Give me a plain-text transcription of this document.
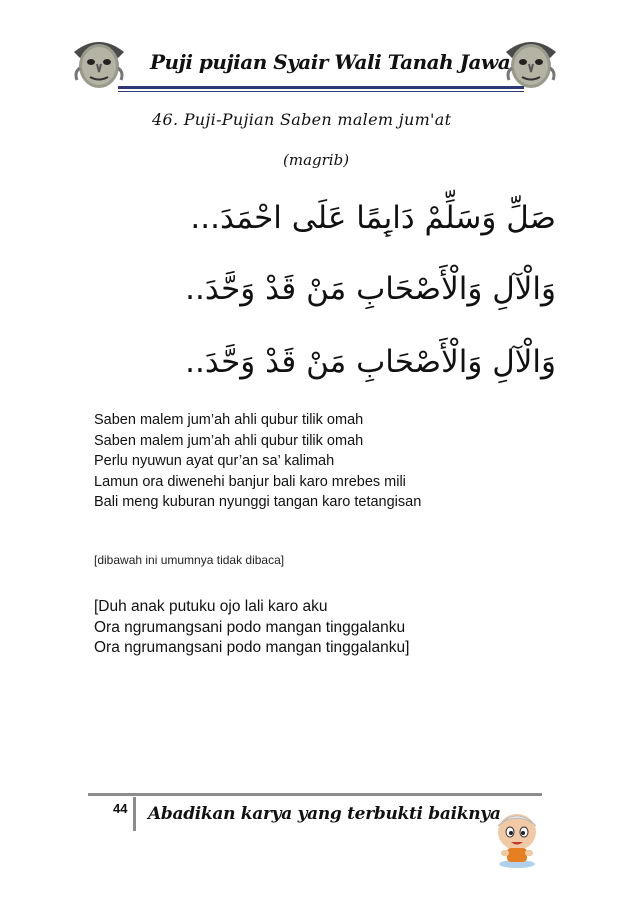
Puji pujian Syair Wali Tanah Jawa
46. Puji-Pujian Saben malem jum'at
(magrib)
صَلِّ وَسَلِّمْ دَاىِٕمًا عَلَى احْمَدَ...
وَالْآلِ وَالْأَصْحَابِ مَنْ قَدْ وَحَّدَ..
وَالْآلِ وَالْأَصْحَابِ مَنْ قَدْ وَحَّدَ..
Saben malem jum’ah ahli qubur tilik omah
Saben malem jum’ah ahli qubur tilik omah
Perlu nyuwun ayat qur’an sa’ kalimah
Lamun ora diwenehi banjur bali karo mrebes mili
Bali meng kuburan nyunggi tangan karo tetangisan
[dibawah ini umumnya tidak dibaca]
[Duh anak putuku ojo lali karo aku
Ora ngrumangsani podo mangan tinggalanku
Ora ngrumangsani podo mangan tinggalanku]
44 Abadikan karya yang terbukti baiknya
